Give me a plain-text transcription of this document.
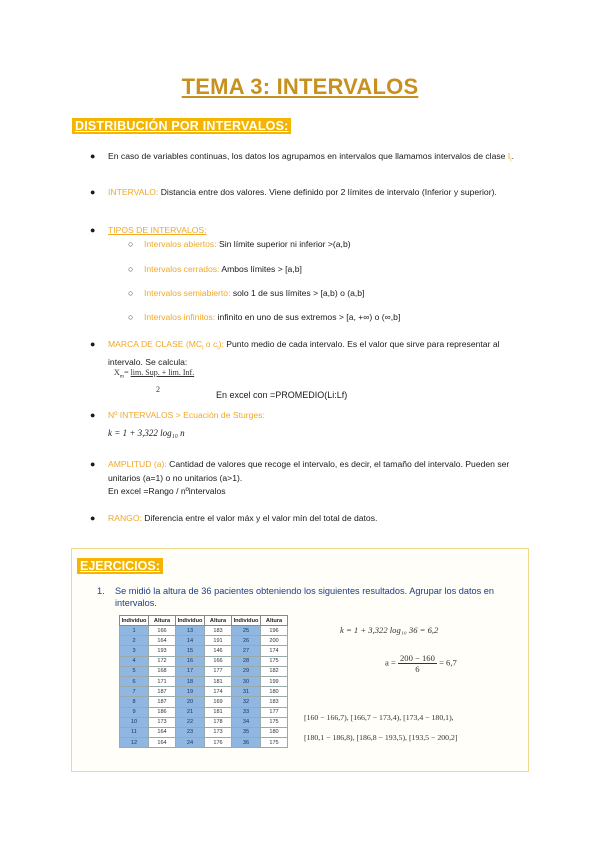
TEMA 3: INTERVALOS
DISTRIBUCIÓN POR INTERVALOS:
● En caso de variables continuas, los datos los agrupamos en intervalos que llamamos intervalos de clase $I_i$.
● INTERVALO: Distancia entre dos valores. Viene definido por 2 límites de intervalo (Inferior y superior).
● TIPOS DE INTERVALOS:
○ Intervalos abiertos: Sin límite superior ni inferior >(a,b)
○ Intervalos cerrados: Ambos límites > [a,b]
○ Intervalos semiabierto: solo 1 de sus límites > [a,b) o (a,b]
○ Intervalos infinitos: infinito en uno de sus extremos > [a, +∞) o (∞,b]
● MARCA DE CLASE ($MC_i$ o $c_i$): Punto medio de cada intervalo. Es el valor que sirve para representar al intervalo. Se calcula:
● Nº INTERVALOS > Ecuación de Sturges:
● AMPLITUD (a): Cantidad de valores que recoge el intervalo, es decir, el tamaño del intervalo. Pueden ser unitarios (a=1) o no unitarios (a>1).
En excel =Rango / nºintervalos
● RANGO: Diferencia entre el valor máx y el valor mín del total de datos.
$X_m= \lim$. Sup. + lim. Inf.
2
En excel con =PROMEDIO(Li:Lf)
k = 1 + 3,322 log₁₀ n
EJERCICIOS:
1. Se midió la altura de 36 pacientes obteniendo los siguientes resultados. Agrupar los datos en intervalos.
Individuo	Altura	Individuo	Altura	Individuo	Altura
1	166	13	183	25	196
2	164	14	191	26	200
3	193	15	146	27	174
4	172	16	166	28	175
5	168	17	177	29	182
6	171	18	181	30	199
7	187	19	174	31	180
8	187	20	169	32	183
9	186	21	181	33	177
10	173	22	178	34	175
11	164	23	173	35	180
12	164	24	176	36	175
k = 1 + 3,322 log₁₀ 36 = 6,2
$a = \frac{200 - 160}{6} = 6,7$
[160 − 166,7), [166,7 − 173,4), [173,4 − 180,1),
[180,1 − 186,8), [186,8 − 193,5), [193,5 − 200,2]
